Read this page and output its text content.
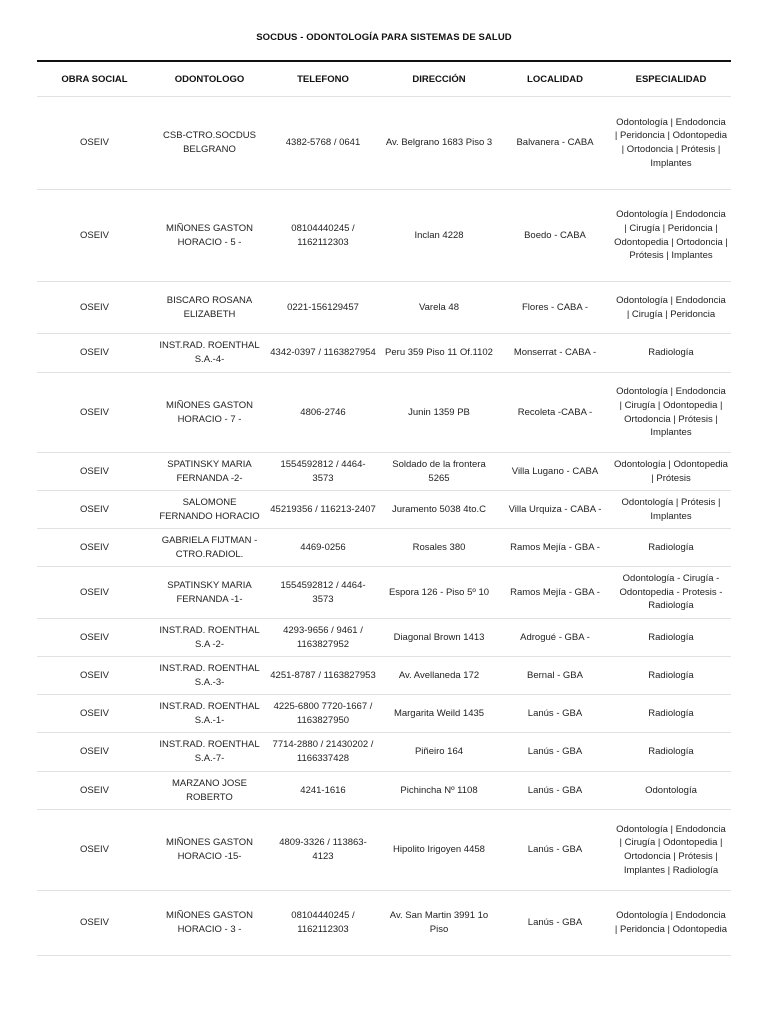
SOCDUS - ODONTOLOGÍA PARA SISTEMAS DE SALUD
OBRA SOCIAL	ODONTOLOGO	TELEFONO	DIRECCIÓN	LOCALIDAD	ESPECIALIDAD
OSEIV	CSB-CTRO.SOCDUS BELGRANO	4382-5768 / 0641	Av. Belgrano 1683 Piso 3	Balvanera - CABA	Odontología | Endodoncia | Peridoncia | Odontopedia | Ortodoncia | Prótesis | Implantes
OSEIV	MIÑONES GASTON HORACIO - 5 -	08104440245 / 1162112303	Inclan 4228	Boedo - CABA	Odontología | Endodoncia | Cirugía | Peridoncia | Odontopedia | Ortodoncia | Prótesis | Implantes
OSEIV	BISCARO ROSANA ELIZABETH	0221-156129457	Varela 48	Flores - CABA -	Odontología | Endodoncia | Cirugía | Peridoncia
OSEIV	INST.RAD. ROENTHAL S.A.-4-	4342-0397 / 1163827954	Peru 359 Piso 11 Of.1102	Monserrat - CABA -	Radiología
OSEIV	MIÑONES GASTON HORACIO - 7 -	4806-2746	Junin 1359 PB	Recoleta -CABA -	Odontología | Endodoncia | Cirugía | Odontopedia | Ortodoncia | Prótesis | Implantes
OSEIV	SPATINSKY MARIA FERNANDA -2-	1554592812 / 4464-3573	Soldado de la frontera 5265	Villa Lugano - CABA	Odontología | Odontopedia | Prótesis
OSEIV	SALOMONE FERNANDO HORACIO	45219356 / 116213-2407	Juramento 5038 4to.C	Villa Urquiza - CABA -	Odontología | Prótesis | Implantes
OSEIV	GABRIELA FIJTMAN -CTRO.RADIOL.	4469-0256	Rosales 380	Ramos Mejía - GBA -	Radiología
OSEIV	SPATINSKY MARIA FERNANDA -1-	1554592812 / 4464-3573	Espora 126 - Piso 5º 10	Ramos Mejía - GBA -	Odontología - Cirugía - Odontopedia - Protesis - Radiología
OSEIV	INST.RAD. ROENTHAL S.A -2-	4293-9656 / 9461 / 1163827952	Diagonal Brown 1413	Adrogué - GBA -	Radiología
OSEIV	INST.RAD. ROENTHAL S.A.-3-	4251-8787 / 1163827953	Av. Avellaneda 172	Bernal - GBA	Radiología
OSEIV	INST.RAD. ROENTHAL S.A.-1-	4225-6800 7720-1667 / 1163827950	Margarita Weild 1435	Lanús - GBA	Radiología
OSEIV	INST.RAD. ROENTHAL S.A.-7-	7714-2880 / 21430202 / 1166337428	Piñeiro 164	Lanús - GBA	Radiología
OSEIV	MARZANO JOSE ROBERTO	4241-1616	Pichincha Nº 1108	Lanús - GBA	Odontología
OSEIV	MIÑONES GASTON HORACIO -15-	4809-3326 / 113863-4123	Hipolito Irigoyen 4458	Lanús - GBA	Odontología | Endodoncia | Cirugía | Odontopedia | Ortodoncia | Prótesis | Implantes | Radiología
OSEIV	MIÑONES GASTON HORACIO - 3 -	08104440245 / 1162112303	Av. San Martin 3991 1o Piso	Lanús - GBA	Odontología | Endodoncia | Peridoncia | Odontopedia
